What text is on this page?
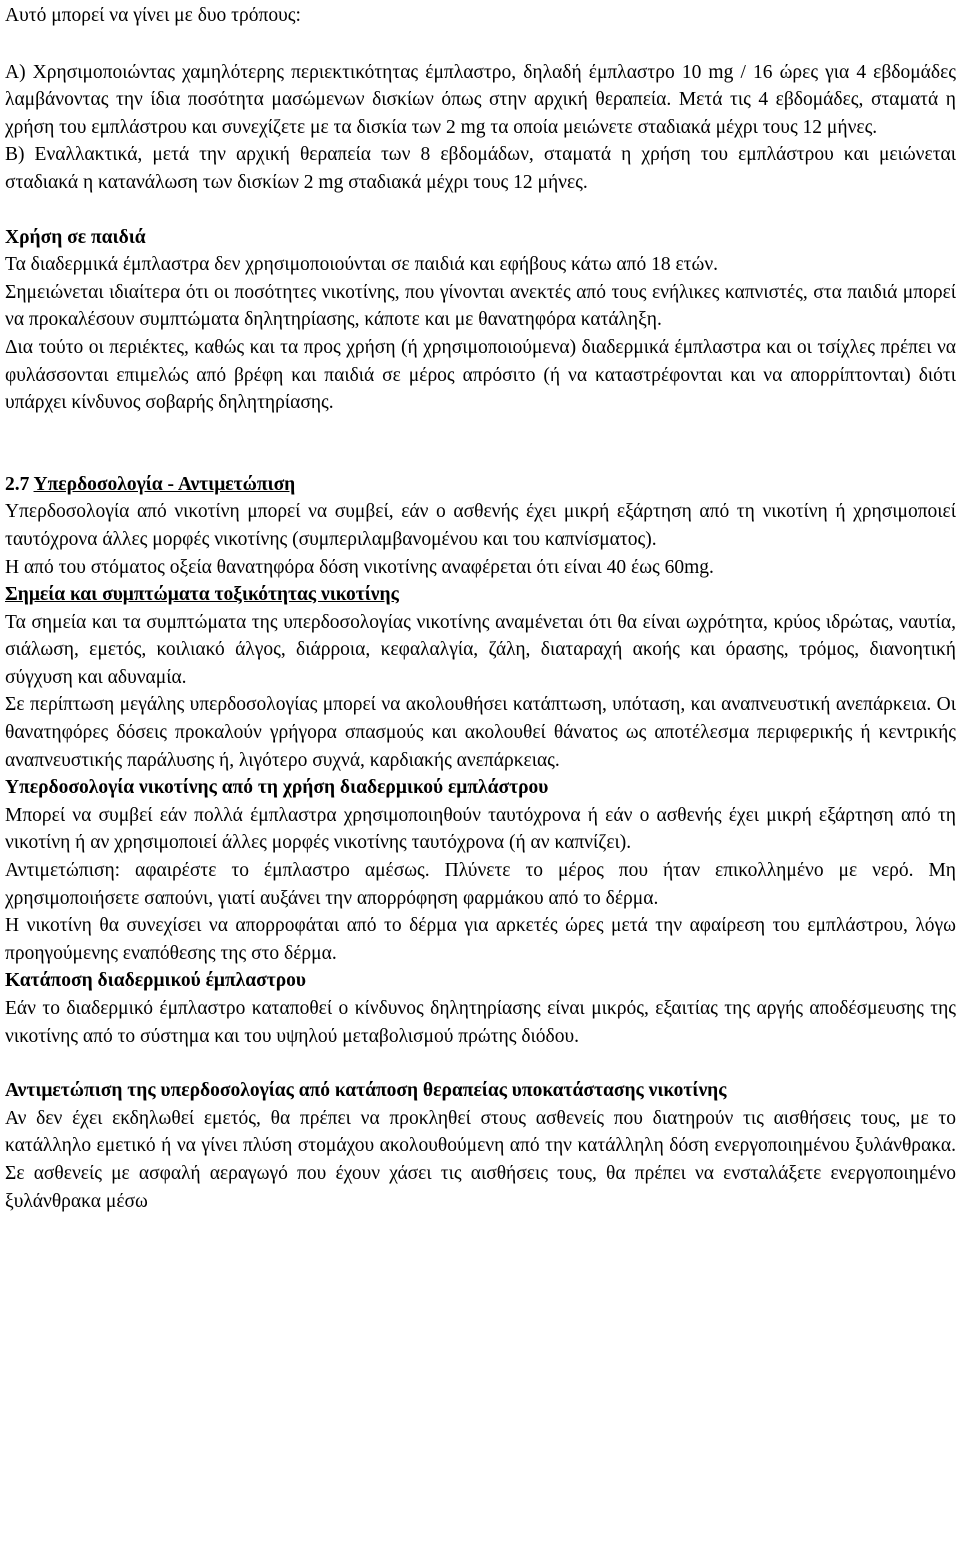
Αυτό μπορεί να γίνει με δυο τρόπους:

A) Χρησιμοποιώντας χαμηλότερης περιεκτικότητας έμπλαστρο, δηλαδή έμπλαστρο 10 mg / 16 ώρες για 4 εβδομάδες λαμβάνοντας την ίδια ποσότητα μασώμενων δισκίων όπως στην αρχική θεραπεία. Μετά τις 4 εβδομάδες, σταματά η χρήση του εμπλάστρου και συνεχίζετε με τα δισκία των 2 mg τα οποία μειώνετε σταδιακά μέχρι τους 12 μήνες.

B) Εναλλακτικά, μετά την αρχική θεραπεία των 8 εβδομάδων, σταματά η χρήση του εμπλάστρου και μειώνεται σταδιακά η κατανάλωση των δισκίων 2 mg σταδιακά μέχρι τους 12 μήνες.

Χρήση σε παιδιά

Τα διαδερμικά έμπλαστρα δεν χρησιμοποιούνται σε παιδιά και εφήβους κάτω από 18 ετών.

Σημειώνεται ιδιαίτερα ότι οι ποσότητες νικοτίνης, που γίνονται ανεκτές από τους ενήλικες καπνιστές, στα παιδιά μπορεί να προκαλέσουν συμπτώματα δηλητηρίασης, κάποτε και με θανατηφόρα κατάληξη.

Δια τούτο οι περιέκτες, καθώς και τα προς χρήση (ή χρησιμοποιούμενα) διαδερμικά έμπλαστρα και οι τσίχλες πρέπει να φυλάσσονται επιμελώς από βρέφη και παιδιά σε μέρος απρόσιτο (ή να καταστρέφονται και να απορρίπτονται) διότι υπάρχει κίνδυνος σοβαρής δηλητηρίασης.

2.7 Υπερδοσολογία - Αντιμετώπιση

Υπερδοσολογία από νικοτίνη μπορεί να συμβεί, εάν ο ασθενής έχει μικρή εξάρτηση από τη νικοτίνη ή χρησιμοποιεί ταυτόχρονα άλλες μορφές νικοτίνης (συμπεριλαμβανομένου και του καπνίσματος).

Η από του στόματος οξεία θανατηφόρα δόση νικοτίνης αναφέρεται ότι είναι 40 έως 60mg.

Σημεία και συμπτώματα τοξικότητας νικοτίνης

Τα σημεία και τα συμπτώματα της υπερδοσολογίας νικοτίνης αναμένεται ότι θα είναι ωχρότητα, κρύος ιδρώτας, ναυτία, σιάλωση, εμετός, κοιλιακό άλγος, διάρροια, κεφαλαλγία, ζάλη, διαταραχή ακοής και όρασης, τρόμος, διανοητική σύγχυση και αδυναμία.

Σε περίπτωση μεγάλης υπερδοσολογίας μπορεί να ακολουθήσει κατάπτωση, υπόταση, και αναπνευστική ανεπάρκεια. Οι θανατηφόρες δόσεις προκαλούν γρήγορα σπασμούς και ακολουθεί θάνατος ως αποτέλεσμα περιφερικής ή κεντρικής αναπνευστικής παράλυσης ή, λιγότερο συχνά, καρδιακής ανεπάρκειας.

Υπερδοσολογία νικοτίνης από τη χρήση διαδερμικού εμπλάστρου

Μπορεί να συμβεί εάν πολλά έμπλαστρα χρησιμοποιηθούν ταυτόχρονα ή εάν ο ασθενής έχει μικρή εξάρτηση από τη νικοτίνη ή αν χρησιμοποιεί άλλες μορφές νικοτίνης ταυτόχρονα (ή αν καπνίζει).

Αντιμετώπιση: αφαιρέστε το έμπλαστρο αμέσως. Πλύνετε το μέρος που ήταν επικολλημένο με νερό. Μη χρησιμοποιήσετε σαπούνι, γιατί αυξάνει την απορρόφηση φαρμάκου από το δέρμα.

Η νικοτίνη θα συνεχίσει να απορροφάται από το δέρμα για αρκετές ώρες μετά την αφαίρεση του εμπλάστρου, λόγω προηγούμενης εναπόθεσης της στο δέρμα.

Κατάποση διαδερμικού έμπλαστρου

Εάν το διαδερμικό έμπλαστρο καταποθεί ο κίνδυνος δηλητηρίασης είναι μικρός, εξαιτίας της αργής αποδέσμευσης της νικοτίνης από το σύστημα και του υψηλού μεταβολισμού πρώτης διόδου.

Αντιμετώπιση της υπερδοσολογίας από κατάποση θεραπείας υποκατάστασης νικοτίνης

Αν δεν έχει εκδηλωθεί εμετός, θα πρέπει να προκληθεί στους ασθενείς που διατηρούν τις αισθήσεις τους, με το κατάλληλο εμετικό ή να γίνει πλύση στομάχου ακολουθούμενη από την κατάλληλη δόση ενεργοποιημένου ξυλάνθρακα. Σε ασθενείς με ασφαλή αεραγωγό που έχουν χάσει τις αισθήσεις τους, θα πρέπει να ενσταλάξετε ενεργοποιημένο ξυλάνθρακα μέσω
